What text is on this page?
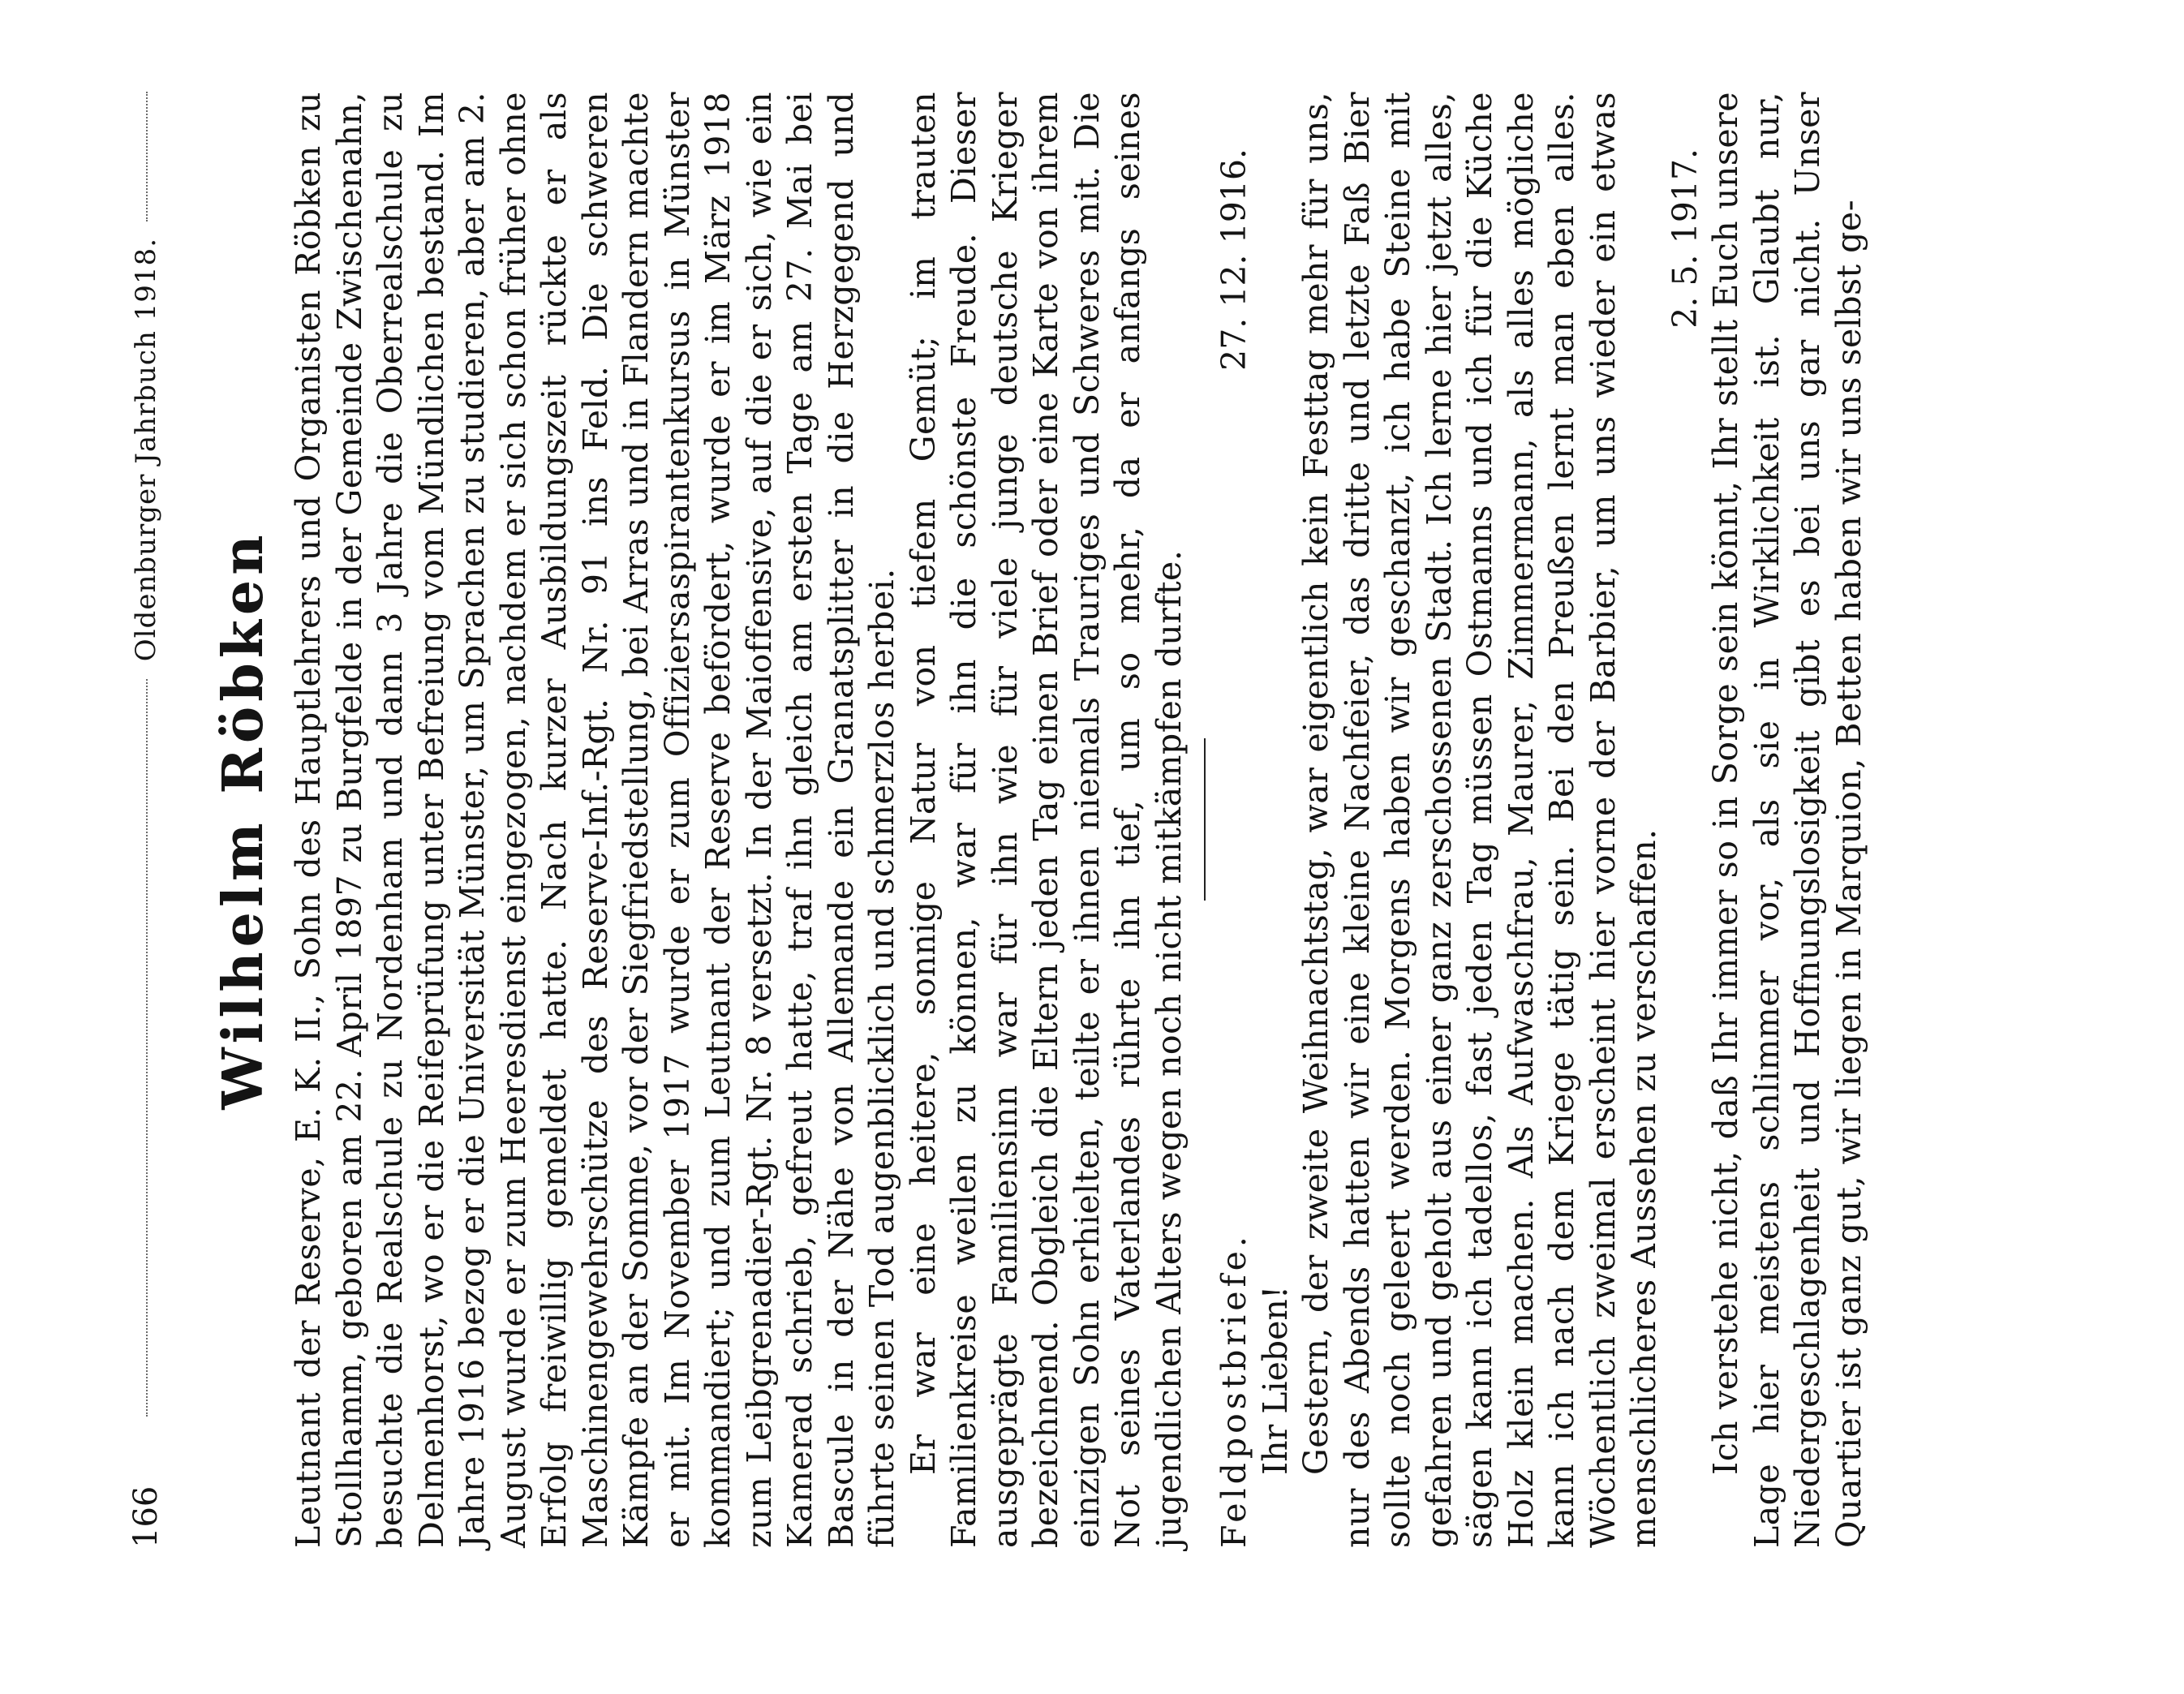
166
Oldenburger Jahrbuch 1918.
Wilhelm Röbken Leutnant der Reserve, E. K. II., Sohn des Hauptlehrers und Organisten Röbken zu Stollhamm, geboren am 22. April 1897 zu Burgfelde in der Gemeinde Zwischenahn, besuchte die Realschule zu Nordenham und dann 3 Jahre die Oberrealschule zu Delmenhorst, wo er die Reifeprüfung unter Befreiung vom Mündlichen bestand. Im Jahre 1916 bezog er die Universität Münster, um Sprachen zu studieren, aber am 2. August wurde er zum Heeresdienst eingezogen, nachdem er sich schon früher ohne Erfolg freiwillig gemeldet hatte. Nach kurzer Ausbildungszeit rückte er als Maschinengewehrschütze des Reserve-Inf.-Rgt. Nr. 91 ins Feld. Die schweren Kämpfe an der Somme, vor der Siegfriedstellung, bei Arras und in Flandern machte er mit. Im November 1917 wurde er zum Offiziersaspirantenkursus in Münster kommandiert; und zum Leutnant der Reserve befördert, wurde er im März 1918 zum Leibgrenadier-Rgt. Nr. 8 versetzt. In der Maioffensive, auf die er sich, wie ein Kamerad schrieb, gefreut hatte, traf ihn gleich am ersten Tage am 27. Mai bei Bascule in der Nähe von Allemande ein Granatsplitter in die Herzgegend und führte seinen Tod augenblicklich und schmerzlos herbei. Er war eine heitere, sonnige Natur von tiefem Gemüt; im trauten Familienkreise weilen zu können, war für ihn die schönste Freude. Dieser ausgeprägte Familiensinn war für ihn wie für viele junge deutsche Krieger bezeichnend. Obgleich die Eltern jeden Tag einen Brief oder eine Karte von ihrem einzigen Sohn erhielten, teilte er ihnen niemals Trauriges und Schweres mit. Die Not seines Vaterlandes rührte ihn tief, um so mehr, da er anfangs seines jugendlichen Alters wegen noch nicht mitkämpfen durfte. Feldpostbriefe.
27. 12. 1916.

Ihr Lieben! Gestern, der zweite Weihnachtstag, war eigentlich kein Festtag mehr für uns, nur des Abends hatten wir eine kleine Nachfeier, das dritte und letzte Faß Bier sollte noch geleert werden. Morgens haben wir geschanzt, ich habe Steine mit gefahren und geholt aus einer ganz zerschossenen Stadt. Ich lerne hier jetzt alles, sägen kann ich tadellos, fast jeden Tag müssen Ostmanns und ich für die Küche Holz klein machen. Als Aufwaschfrau, Maurer, Zimmermann, als alles mögliche kann ich nach dem Kriege tätig sein. Bei den Preußen lernt man eben alles. Wöchentlich zweimal erscheint hier vorne der Barbier, um uns wieder ein etwas menschlicheres Aussehen zu verschaffen.

2. 5. 1917. Ich verstehe nicht, daß Ihr immer so in Sorge sein könnt, Ihr stellt Euch unsere Lage hier meistens schlimmer vor, als sie in Wirklichkeit ist. Glaubt nur, Niedergeschlagenheit und Hoffnungslosigkeit gibt es bei uns gar nicht. Unser Quartier ist ganz gut, wir liegen in Marquion, Betten haben wir uns selbst ge-
